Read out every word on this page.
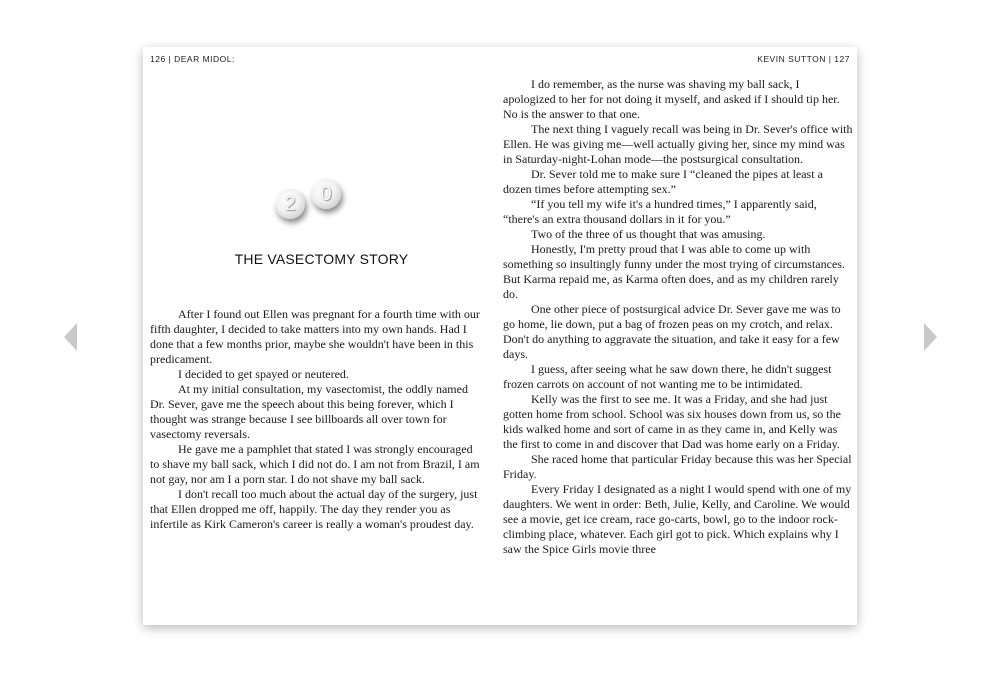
126 | DEAR MIDOL:
2	0
THE VASECTOMY STORY

After I found out Ellen was pregnant for a fourth time with our fifth daughter, I decided to take matters into my own hands. Had I done that a few months prior, maybe she wouldn't have been in this predicament.

I decided to get spayed or neutered.

At my initial consultation, my vasectomist, the oddly named Dr. Sever, gave me the speech about this being forever, which I thought was strange because I see billboards all over town for vasectomy reversals.

He gave me a pamphlet that stated I was strongly encouraged to shave my ball sack, which I did not do. I am not from Brazil, I am not gay, nor am I a porn star. I do not shave my ball sack.

I don't recall too much about the actual day of the surgery, just that Ellen dropped me off, happily. The day they render you as infertile as Kirk Cameron's career is really a woman's proudest day.

KEVIN SUTTON | 127

I do remember, as the nurse was shaving my ball sack, I apologized to her for not doing it myself, and asked if I should tip her. No is the answer to that one.

The next thing I vaguely recall was being in Dr. Sever's office with Ellen. He was giving me—well actually giving her, since my mind was in Saturday-night-Lohan mode—the postsurgical consultation.

Dr. Sever told me to make sure I “cleaned the pipes at least a dozen times before attempting sex.”

“If you tell my wife it's a hundred times,” I apparently said, “there's an extra thousand dollars in it for you.”

Two of the three of us thought that was amusing.

Honestly, I'm pretty proud that I was able to come up with something so insultingly funny under the most trying of circumstances. But Karma repaid me, as Karma often does, and as my children rarely do.

One other piece of postsurgical advice Dr. Sever gave me was to go home, lie down, put a bag of frozen peas on my crotch, and relax. Don't do anything to aggravate the situation, and take it easy for a few days.

I guess, after seeing what he saw down there, he didn't suggest frozen carrots on account of not wanting me to be intimidated.

Kelly was the first to see me. It was a Friday, and she had just gotten home from school. School was six houses down from us, so the kids walked home and sort of came in as they came in, and Kelly was the first to come in and discover that Dad was home early on a Friday.

She raced home that particular Friday because this was her Special Friday.

Every Friday I designated as a night I would spend with one of my daughters. We went in order: Beth, Julie, Kelly, and Caroline. We would see a movie, get ice cream, race go-carts, bowl, go to the indoor rock-climbing place, whatever. Each girl got to pick. Which explains why I saw the Spice Girls movie three
